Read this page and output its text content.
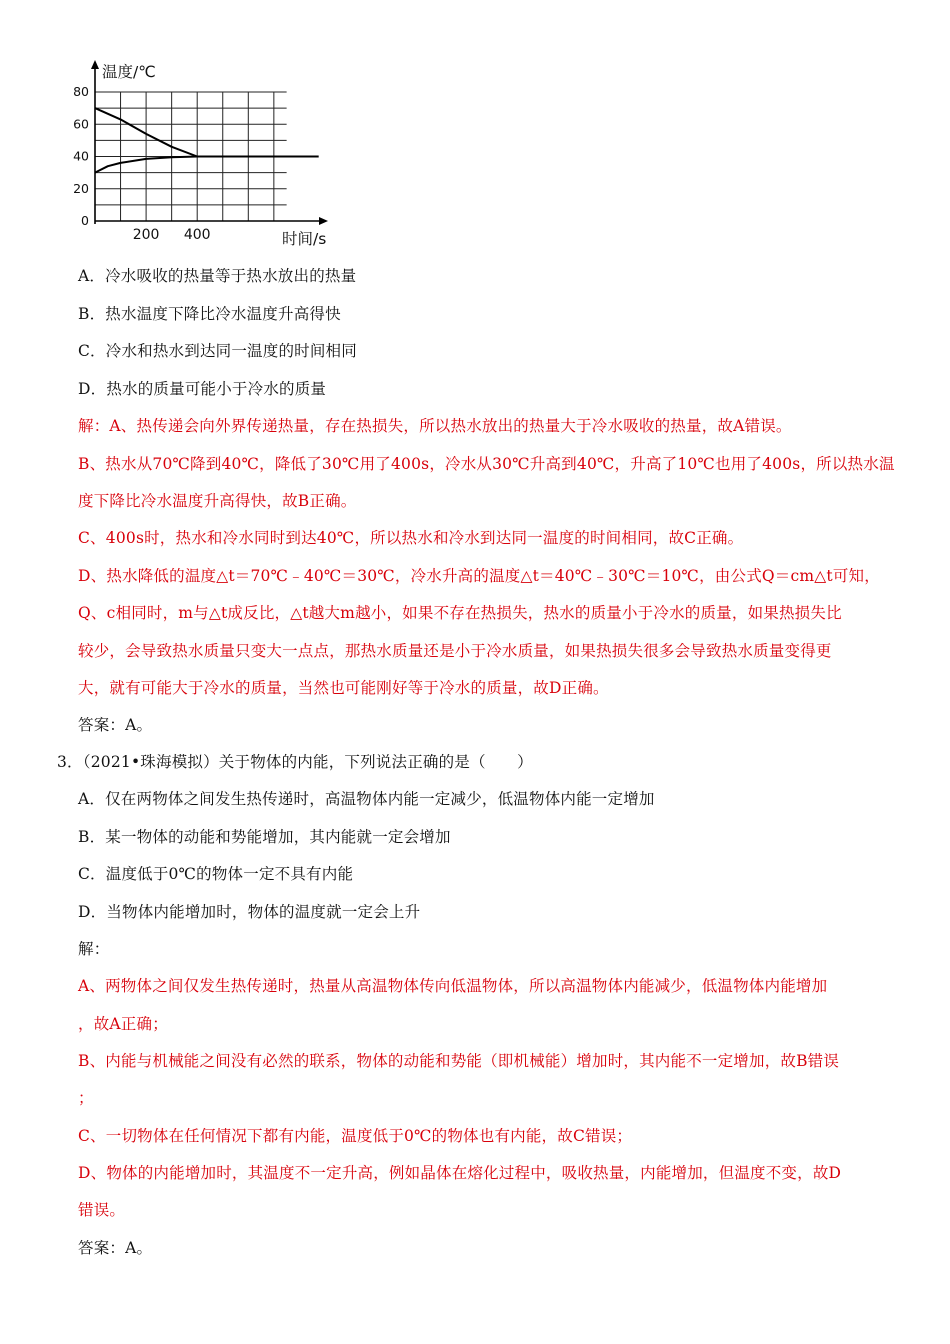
温度/℃
时间/s
80
60
40
20
0
200 400
A．冷水吸收的热量等于热水放出的热量
B．热水温度下降比冷水温度升高得快
C．冷水和热水到达同一温度的时间相同
D．热水的质量可能小于冷水的质量
解：A、热传递会向外界传递热量，存在热损失，所以热水放出的热量大于冷水吸收的热量，故A错误。
B、热水从70℃降到40℃，降低了30℃用了400s，冷水从30℃升高到40℃，升高了10℃也用了400s，所以热水温
度下降比冷水温度升高得快，故B正确。
C、400s时，热水和冷水同时到达40℃，所以热水和冷水到达同一温度的时间相同，故C正确。
D、热水降低的温度△t＝70℃﹣40℃＝30℃，冷水升高的温度△t＝40℃﹣30℃＝10℃，由公式Q＝cm△t可知，
Q、c相同时，m与△t成反比，△t越大m越小，如果不存在热损失，热水的质量小于冷水的质量，如果热损失比
较少，会导致热水质量只变大一点点，那热水质量还是小于冷水质量，如果热损失很多会导致热水质量变得更
大，就有可能大于冷水的质量，当然也可能刚好等于冷水的质量，故D正确。
答案：A。
3．（2021•珠海模拟）关于物体的内能，下列说法正确的是（　　）
A．仅在两物体之间发生热传递时，高温物体内能一定减少，低温物体内能一定增加
B．某一物体的动能和势能增加，其内能就一定会增加
C．温度低于0℃的物体一定不具有内能
D．当物体内能增加时，物体的温度就一定会上升
解：
A、两物体之间仅发生热传递时，热量从高温物体传向低温物体，所以高温物体内能减少，低温物体内能增加
，故A正确；
B、内能与机械能之间没有必然的联系，物体的动能和势能（即机械能）增加时，其内能不一定增加，故B错误
；
C、一切物体在任何情况下都有内能，温度低于0℃的物体也有内能，故C错误；
D、物体的内能增加时，其温度不一定升高，例如晶体在熔化过程中，吸收热量，内能增加，但温度不变，故D
错误。
答案：A。
